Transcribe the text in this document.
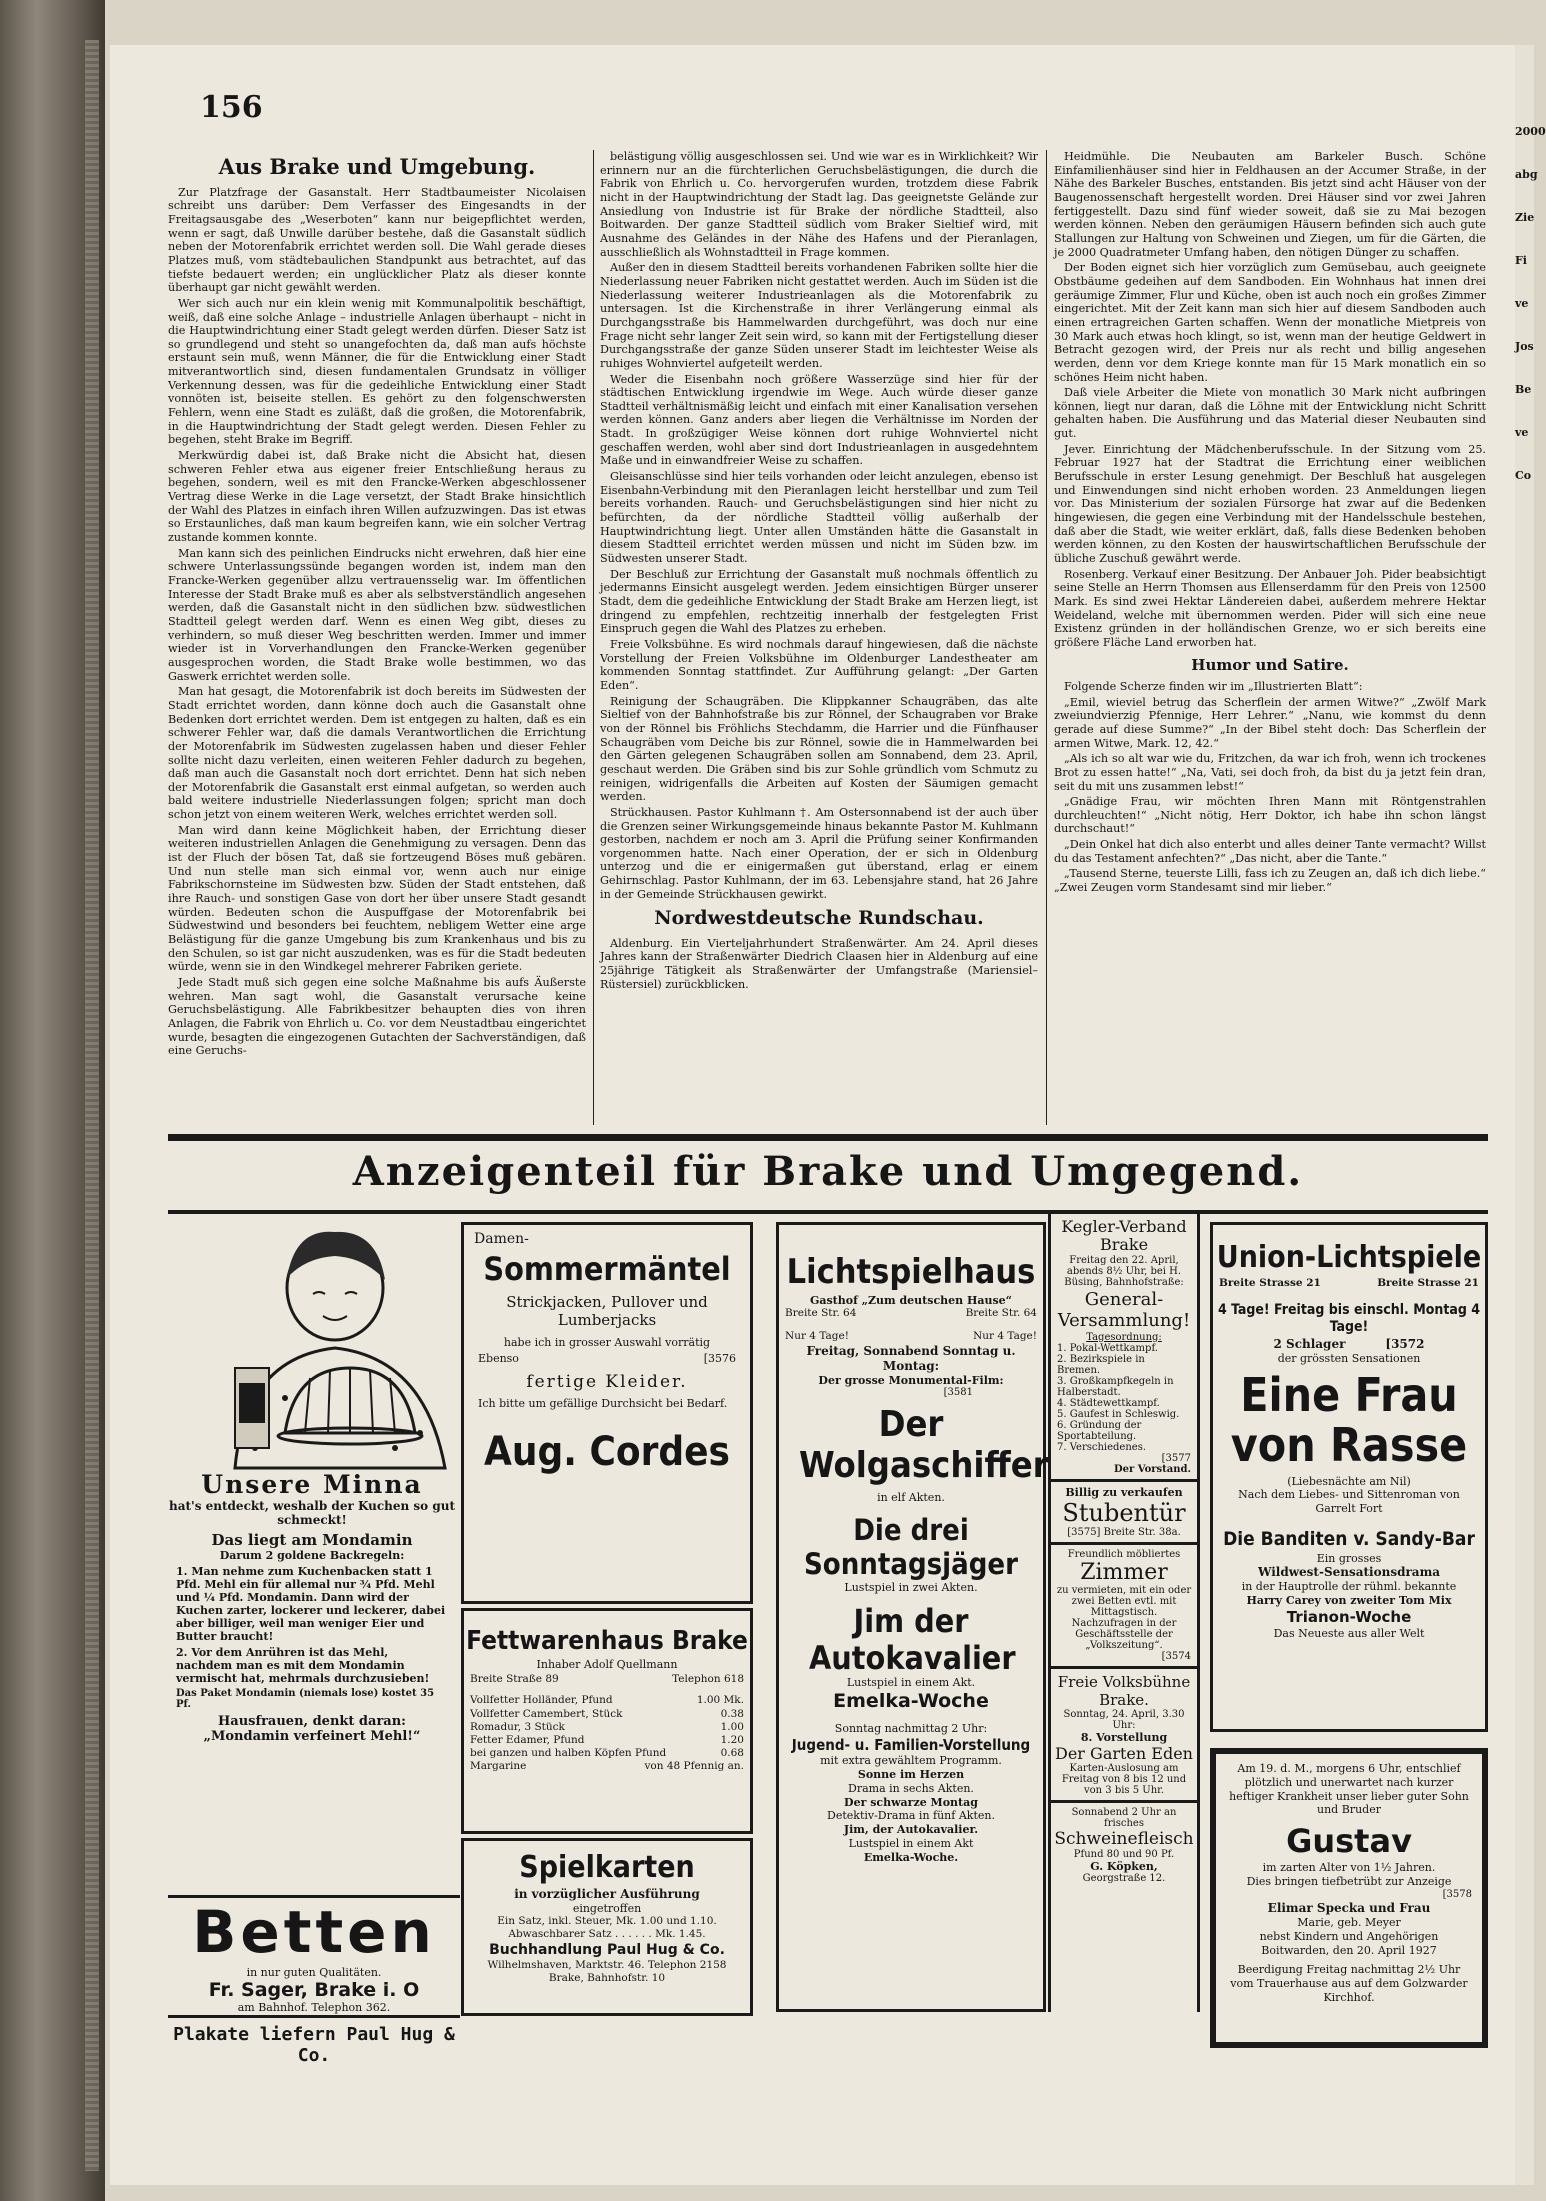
2000
abg
Zie
Fi
ve
Jos
Be
ve
Co
156
Aus Brake und Umgebung.

Zur Platzfrage der Gasanstalt. Herr Stadtbaumeister Nicolaisen schreibt uns darüber: Dem Verfasser des Eingesandts in der Freitagsausgabe des „Weserboten“ kann nur beigepflichtet werden, wenn er sagt, daß Unwille darüber bestehe, daß die Gasanstalt südlich neben der Motorenfabrik errichtet werden soll. Die Wahl gerade dieses Platzes muß, vom städtebaulichen Standpunkt aus betrachtet, auf das tiefste bedauert werden; ein unglücklicher Platz als dieser konnte überhaupt gar nicht gewählt werden.

Wer sich auch nur ein klein wenig mit Kommunalpolitik beschäftigt, weiß, daß eine solche Anlage – industrielle Anlagen überhaupt – nicht in die Hauptwindrichtung einer Stadt gelegt werden dürfen. Dieser Satz ist so grundlegend und steht so unangefochten da, daß man aufs höchste erstaunt sein muß, wenn Männer, die für die Entwicklung einer Stadt mitverantwortlich sind, diesen fundamentalen Grundsatz in völliger Verkennung dessen, was für die gedeihliche Entwicklung einer Stadt vonnöten ist, beiseite stellen. Es gehört zu den folgenschwersten Fehlern, wenn eine Stadt es zuläßt, daß die großen, die Motorenfabrik, in die Hauptwindrichtung der Stadt gelegt werden. Diesen Fehler zu begehen, steht Brake im Begriff.

Merkwürdig dabei ist, daß Brake nicht die Absicht hat, diesen schweren Fehler etwa aus eigener freier Entschließung heraus zu begehen, sondern, weil es mit den Francke-Werken abgeschlossener Vertrag diese Werke in die Lage versetzt, der Stadt Brake hinsichtlich der Wahl des Platzes in einfach ihren Willen aufzuzwingen. Das ist etwas so Erstaunliches, daß man kaum begreifen kann, wie ein solcher Vertrag zustande kommen konnte.

Man kann sich des peinlichen Eindrucks nicht erwehren, daß hier eine schwere Unterlassungssünde begangen worden ist, indem man den Francke-Werken gegenüber allzu vertrauensselig war. Im öffentlichen Interesse der Stadt Brake muß es aber als selbstverständlich angesehen werden, daß die Gasanstalt nicht in den südlichen bzw. südwestlichen Stadtteil gelegt werden darf. Wenn es einen Weg gibt, dieses zu verhindern, so muß dieser Weg beschritten werden. Immer und immer wieder ist in Vorverhandlungen den Francke-Werken gegenüber ausgesprochen worden, die Stadt Brake wolle bestimmen, wo das Gaswerk errichtet werden solle.

Man hat gesagt, die Motorenfabrik ist doch bereits im Südwesten der Stadt errichtet worden, dann könne doch auch die Gasanstalt ohne Bedenken dort errichtet werden. Dem ist entgegen zu halten, daß es ein schwerer Fehler war, daß die damals Verantwortlichen die Errichtung der Motorenfabrik im Südwesten zugelassen haben und dieser Fehler sollte nicht dazu verleiten, einen weiteren Fehler dadurch zu begehen, daß man auch die Gasanstalt noch dort errichtet. Denn hat sich neben der Motorenfabrik die Gasanstalt erst einmal aufgetan, so werden auch bald weitere industrielle Niederlassungen folgen; spricht man doch schon jetzt von einem weiteren Werk, welches errichtet werden soll.

Man wird dann keine Möglichkeit haben, der Errichtung dieser weiteren industriellen Anlagen die Genehmigung zu versagen. Denn das ist der Fluch der bösen Tat, daß sie fortzeugend Böses muß gebären. Und nun stelle man sich einmal vor, wenn auch nur einige Fabrikschornsteine im Südwesten bzw. Süden der Stadt entstehen, daß ihre Rauch- und sonstigen Gase von dort her über unsere Stadt gesandt würden. Bedeuten schon die Auspuffgase der Motorenfabrik bei Südwestwind und besonders bei feuchtem, nebligem Wetter eine arge Belästigung für die ganze Umgebung bis zum Krankenhaus und bis zu den Schulen, so ist gar nicht auszudenken, was es für die Stadt bedeuten würde, wenn sie in den Windkegel mehrerer Fabriken geriete.

Jede Stadt muß sich gegen eine solche Maßnahme bis aufs Äußerste wehren. Man sagt wohl, die Gasanstalt verursache keine Geruchsbelästigung. Alle Fabrikbesitzer behaupten dies von ihren Anlagen, die Fabrik von Ehrlich u. Co. vor dem Neustadtbau eingerichtet wurde, besagten die eingezogenen Gutachten der Sachverständigen, daß eine Geruchs-

belästigung völlig ausgeschlossen sei. Und wie war es in Wirklichkeit? Wir erinnern nur an die fürchterlichen Geruchsbelästigungen, die durch die Fabrik von Ehrlich u. Co. hervorgerufen wurden, trotzdem diese Fabrik nicht in der Hauptwindrichtung der Stadt lag. Das geeignetste Gelände zur Ansiedlung von Industrie ist für Brake der nördliche Stadtteil, also Boitwarden. Der ganze Stadtteil südlich vom Braker Sieltief wird, mit Ausnahme des Geländes in der Nähe des Hafens und der Pieranlagen, ausschließlich als Wohnstadtteil in Frage kommen.

Außer den in diesem Stadtteil bereits vorhandenen Fabriken sollte hier die Niederlassung neuer Fabriken nicht gestattet werden. Auch im Süden ist die Niederlassung weiterer Industrieanlagen als die Motorenfabrik zu untersagen. Ist die Kirchenstraße in ihrer Verlängerung einmal als Durchgangsstraße bis Hammelwarden durchgeführt, was doch nur eine Frage nicht sehr langer Zeit sein wird, so kann mit der Fertigstellung dieser Durchgangsstraße der ganze Süden unserer Stadt im leichtester Weise als ruhiges Wohnviertel aufgeteilt werden.

Weder die Eisenbahn noch größere Wasserzüge sind hier für der städtischen Entwicklung irgendwie im Wege. Auch würde dieser ganze Stadtteil verhältnismäßig leicht und einfach mit einer Kanalisation versehen werden können. Ganz anders aber liegen die Verhältnisse im Norden der Stadt. In großzügiger Weise können dort ruhige Wohnviertel nicht geschaffen werden, wohl aber sind dort Industrieanlagen in ausgedehntem Maße und in einwandfreier Weise zu schaffen.

Gleisanschlüsse sind hier teils vorhanden oder leicht anzulegen, ebenso ist Eisenbahn-Verbindung mit den Pieranlagen leicht herstellbar und zum Teil bereits vorhanden. Rauch- und Geruchsbelästigungen sind hier nicht zu befürchten, da der nördliche Stadtteil völlig außerhalb der Hauptwindrichtung liegt. Unter allen Umständen hätte die Gasanstalt in diesem Stadtteil errichtet werden müssen und nicht im Süden bzw. im Südwesten unserer Stadt.

Der Beschluß zur Errichtung der Gasanstalt muß nochmals öffentlich zu jedermanns Einsicht ausgelegt werden. Jedem einsichtigen Bürger unserer Stadt, dem die gedeihliche Entwicklung der Stadt Brake am Herzen liegt, ist dringend zu empfehlen, rechtzeitig innerhalb der festgelegten Frist Einspruch gegen die Wahl des Platzes zu erheben.

Freie Volksbühne. Es wird nochmals darauf hingewiesen, daß die nächste Vorstellung der Freien Volksbühne im Oldenburger Landestheater am kommenden Sonntag stattfindet. Zur Aufführung gelangt: „Der Garten Eden“.

Reinigung der Schaugräben. Die Klippkanner Schaugräben, das alte Sieltief von der Bahnhofstraße bis zur Rönnel, der Schaugraben vor Brake von der Rönnel bis Fröhlichs Stechdamm, die Harrier und die Fünfhauser Schaugräben vom Deiche bis zur Rönnel, sowie die in Hammelwarden bei den Gärten gelegenen Schaugräben sollen am Sonnabend, dem 23. April, geschaut werden. Die Gräben sind bis zur Sohle gründlich vom Schmutz zu reinigen, widrigenfalls die Arbeiten auf Kosten der Säumigen gemacht werden.

Strückhausen. Pastor Kuhlmann †. Am Ostersonnabend ist der auch über die Grenzen seiner Wirkungsgemeinde hinaus bekannte Pastor M. Kuhlmann gestorben, nachdem er noch am 3. April die Prüfung seiner Konfirmanden vorgenommen hatte. Nach einer Operation, der er sich in Oldenburg unterzog und die er einigermaßen gut überstand, erlag er einem Gehirnschlag. Pastor Kuhlmann, der im 63. Lebensjahre stand, hat 26 Jahre in der Gemeinde Strückhausen gewirkt.

Nordwestdeutsche Rundschau.

Aldenburg. Ein Vierteljahrhundert Straßenwärter. Am 24. April dieses Jahres kann der Straßenwärter Diedrich Claasen hier in Aldenburg auf eine 25jährige Tätigkeit als Straßenwärter der Umfangstraße (Mariensiel–Rüstersiel) zurückblicken.

Heidmühle. Die Neubauten am Barkeler Busch. Schöne Einfamilienhäuser sind hier in Feldhausen an der Accumer Straße, in der Nähe des Barkeler Busches, entstanden. Bis jetzt sind acht Häuser von der Baugenossenschaft hergestellt worden. Drei Häuser sind vor zwei Jahren fertiggestellt. Dazu sind fünf wieder soweit, daß sie zu Mai bezogen werden können. Neben den geräumigen Häusern befinden sich auch gute Stallungen zur Haltung von Schweinen und Ziegen, um für die Gärten, die je 2000 Quadratmeter Umfang haben, den nötigen Dünger zu schaffen.

Der Boden eignet sich hier vorzüglich zum Gemüsebau, auch geeignete Obstbäume gedeihen auf dem Sandboden. Ein Wohnhaus hat innen drei geräumige Zimmer, Flur und Küche, oben ist auch noch ein großes Zimmer eingerichtet. Mit der Zeit kann man sich hier auf diesem Sandboden auch einen ertragreichen Garten schaffen. Wenn der monatliche Mietpreis von 30 Mark auch etwas hoch klingt, so ist, wenn man der heutige Geldwert in Betracht gezogen wird, der Preis nur als recht und billig angesehen werden, denn vor dem Kriege konnte man für 15 Mark monatlich ein so schönes Heim nicht haben.

Daß viele Arbeiter die Miete von monatlich 30 Mark nicht aufbringen können, liegt nur daran, daß die Löhne mit der Entwicklung nicht Schritt gehalten haben. Die Ausführung und das Material dieser Neubauten sind gut.

Jever. Einrichtung der Mädchenberufsschule. In der Sitzung vom 25. Februar 1927 hat der Stadtrat die Errichtung einer weiblichen Berufsschule in erster Lesung genehmigt. Der Beschluß hat ausgelegen und Einwendungen sind nicht erhoben worden. 23 Anmeldungen liegen vor. Das Ministerium der sozialen Fürsorge hat zwar auf die Bedenken hingewiesen, die gegen eine Verbindung mit der Handelsschule bestehen, daß aber die Stadt, wie weiter erklärt, daß, falls diese Bedenken behoben werden können, zu den Kosten der hauswirtschaftlichen Berufsschule der übliche Zuschuß gewährt werde.

Rosenberg. Verkauf einer Besitzung. Der Anbauer Joh. Pider beabsichtigt seine Stelle an Herrn Thomsen aus Ellenserdamm für den Preis von 12500 Mark. Es sind zwei Hektar Ländereien dabei, außerdem mehrere Hektar Weideland, welche mit übernommen werden. Pider will sich eine neue Existenz gründen in der holländischen Grenze, wo er sich bereits eine größere Fläche Land erworben hat.

Humor und Satire.

Folgende Scherze finden wir im „Illustrierten Blatt“:

„Emil, wieviel betrug das Scherflein der armen Witwe?“ „Zwölf Mark zweiundvierzig Pfennige, Herr Lehrer.“ „Nanu, wie kommst du denn gerade auf diese Summe?“ „In der Bibel steht doch: Das Scherflein der armen Witwe, Mark. 12, 42.“

„Als ich so alt war wie du, Fritzchen, da war ich froh, wenn ich trockenes Brot zu essen hatte!“ „Na, Vati, sei doch froh, da bist du ja jetzt fein dran, seit du mit uns zusammen lebst!“

„Gnädige Frau, wir möchten Ihren Mann mit Röntgenstrahlen durchleuchten!“ „Nicht nötig, Herr Doktor, ich habe ihn schon längst durchschaut!“

„Dein Onkel hat dich also enterbt und alles deiner Tante vermacht? Willst du das Testament anfechten?“ „Das nicht, aber die Tante.“

„Tausend Sterne, teuerste Lilli, fass ich zu Zeugen an, daß ich dich liebe.“ „Zwei Zeugen vorm Standesamt sind mir lieber.“

Anzeigenteil für Brake und Umgegend.
Unsere Minna
hat's entdeckt, weshalb der Kuchen so gut schmeckt!
Das liegt am Mondamin
Darum 2 goldene Backregeln:
1. Man nehme zum Kuchenbacken statt 1 Pfd. Mehl ein für allemal nur ¾ Pfd. Mehl und ¼ Pfd. Mondamin. Dann wird der Kuchen zarter, lockerer und leckerer, dabei aber billiger, weil man weniger Eier und Butter braucht!
2. Vor dem Anrühren ist das Mehl, nachdem man es mit dem Mondamin vermischt hat, mehrmals durchzusieben!
Das Paket Mondamin (niemals lose) kostet 35 Pf.
Hausfrauen, denkt daran:
„Mondamin verfeinert Mehl!“
Betten
in nur guten Qualitäten.
Fr. Sager, Brake i. O
am Bahnhof. Telephon 362.
Plakate liefern Paul Hug & Co.
Damen-
Sommermäntel
Strickjacken, Pullover und Lumberjacks
habe ich in grosser Auswahl vorrätig
Ebenso	[3576
fertige Kleider.
Ich bitte um gefällige Durchsicht bei Bedarf.
Aug. Cordes
Fettwarenhaus Brake
Inhaber Adolf Quellmann
Breite Straße 89	Telephon 618
Vollfetter Holländer, Pfund	1.00 Mk.
Vollfetter Camembert, Stück	0.38
Romadur, 3 Stück	1.00
Fetter Edamer, Pfund	1.20
bei ganzen und halben Köpfen Pfund	0.68
Margarine	von 48 Pfennig an.
Spielkarten
in vorzüglicher Ausführung
eingetroffen
Ein Satz, inkl. Steuer, Mk. 1.00 und 1.10.
Abwaschbarer Satz . . . . . . Mk. 1.45.
Buchhandlung Paul Hug & Co.
Wilhelmshaven, Marktstr. 46. Telephon 2158
Brake, Bahnhofstr. 10
Lichtspielhaus
Gasthof „Zum deutschen Hause“
Breite Str. 64	Breite Str. 64
Nur 4 Tage!	Nur 4 Tage!
Freitag, Sonnabend Sonntag u. Montag:
Der grosse Monumental-Film:
[3581
Der Wolgaschiffer
in elf Akten.
Die drei Sonntagsjäger
Lustspiel in zwei Akten.
Jim der Autokavalier
Lustspiel in einem Akt.
Emelka-Woche
Sonntag nachmittag 2 Uhr:
Jugend- u. Familien-Vorstellung
mit extra gewähltem Programm.
Sonne im Herzen
Drama in sechs Akten.
Der schwarze Montag
Detektiv-Drama in fünf Akten.
Jim, der Autokavalier.
Lustspiel in einem Akt
Emelka-Woche.
Kegler-Verband Brake
Freitag den 22. April, abends 8½ Uhr, bei H. Büsing, Bahnhofstraße:
General-Versammlung!
Tagesordnung:
1. Pokal-Wettkampf.
2. Bezirkspiele in Bremen.
3. Großkampfkegeln in Halberstadt.
4. Städtewettkampf.
5. Gaufest in Schleswig.
6. Gründung der Sportabteilung.
7. Verschiedenes.
[3577
Der Vorstand.
Billig zu verkaufen
Stubentür
[3575] Breite Str. 38a.
Freundlich möbliertes
Zimmer
zu vermieten, mit ein oder zwei Betten evtl. mit Mittagstisch. Nachzufragen in der Geschäftsstelle der „Volkszeitung“.
[3574
Freie Volksbühne Brake.
Sonntag, 24. April, 3.30 Uhr:
8. Vorstellung
Der Garten Eden
Karten-Auslosung am Freitag von 8 bis 12 und von 3 bis 5 Uhr.
Sonnabend 2 Uhr an frisches
Schweinefleisch
Pfund 80 und 90 Pf.
G. Köpken,
Georgstraße 12.
Union-Lichtspiele
Breite Strasse 21	Breite Strasse 21
4 Tage! Freitag bis einschl. Montag 4 Tage!
2 Schlager	[3572
der grössten Sensationen
Eine Frau von Rasse
(Liebesnächte am Nil)
Nach dem Liebes- und Sittenroman von Garrelt Fort
Die Banditen v. Sandy-Bar
Ein grosses
Wildwest-Sensationsdrama
in der Hauptrolle der rühml. bekannte
Harry Carey von zweiter Tom Mix
Trianon-Woche
Das Neueste aus aller Welt
Am 19. d. M., morgens 6 Uhr, entschlief plötzlich und unerwartet nach kurzer heftiger Krankheit unser lieber guter Sohn und Bruder
Gustav
im zarten Alter von 1½ Jahren.
Dies bringen tiefbetrübt zur Anzeige
[3578
Elimar Specka und Frau
Marie, geb. Meyer
nebst Kindern und Angehörigen
Boitwarden, den 20. April 1927
Beerdigung Freitag nachmittag 2½ Uhr vom Trauerhause aus auf dem Golzwarder Kirchhof.
